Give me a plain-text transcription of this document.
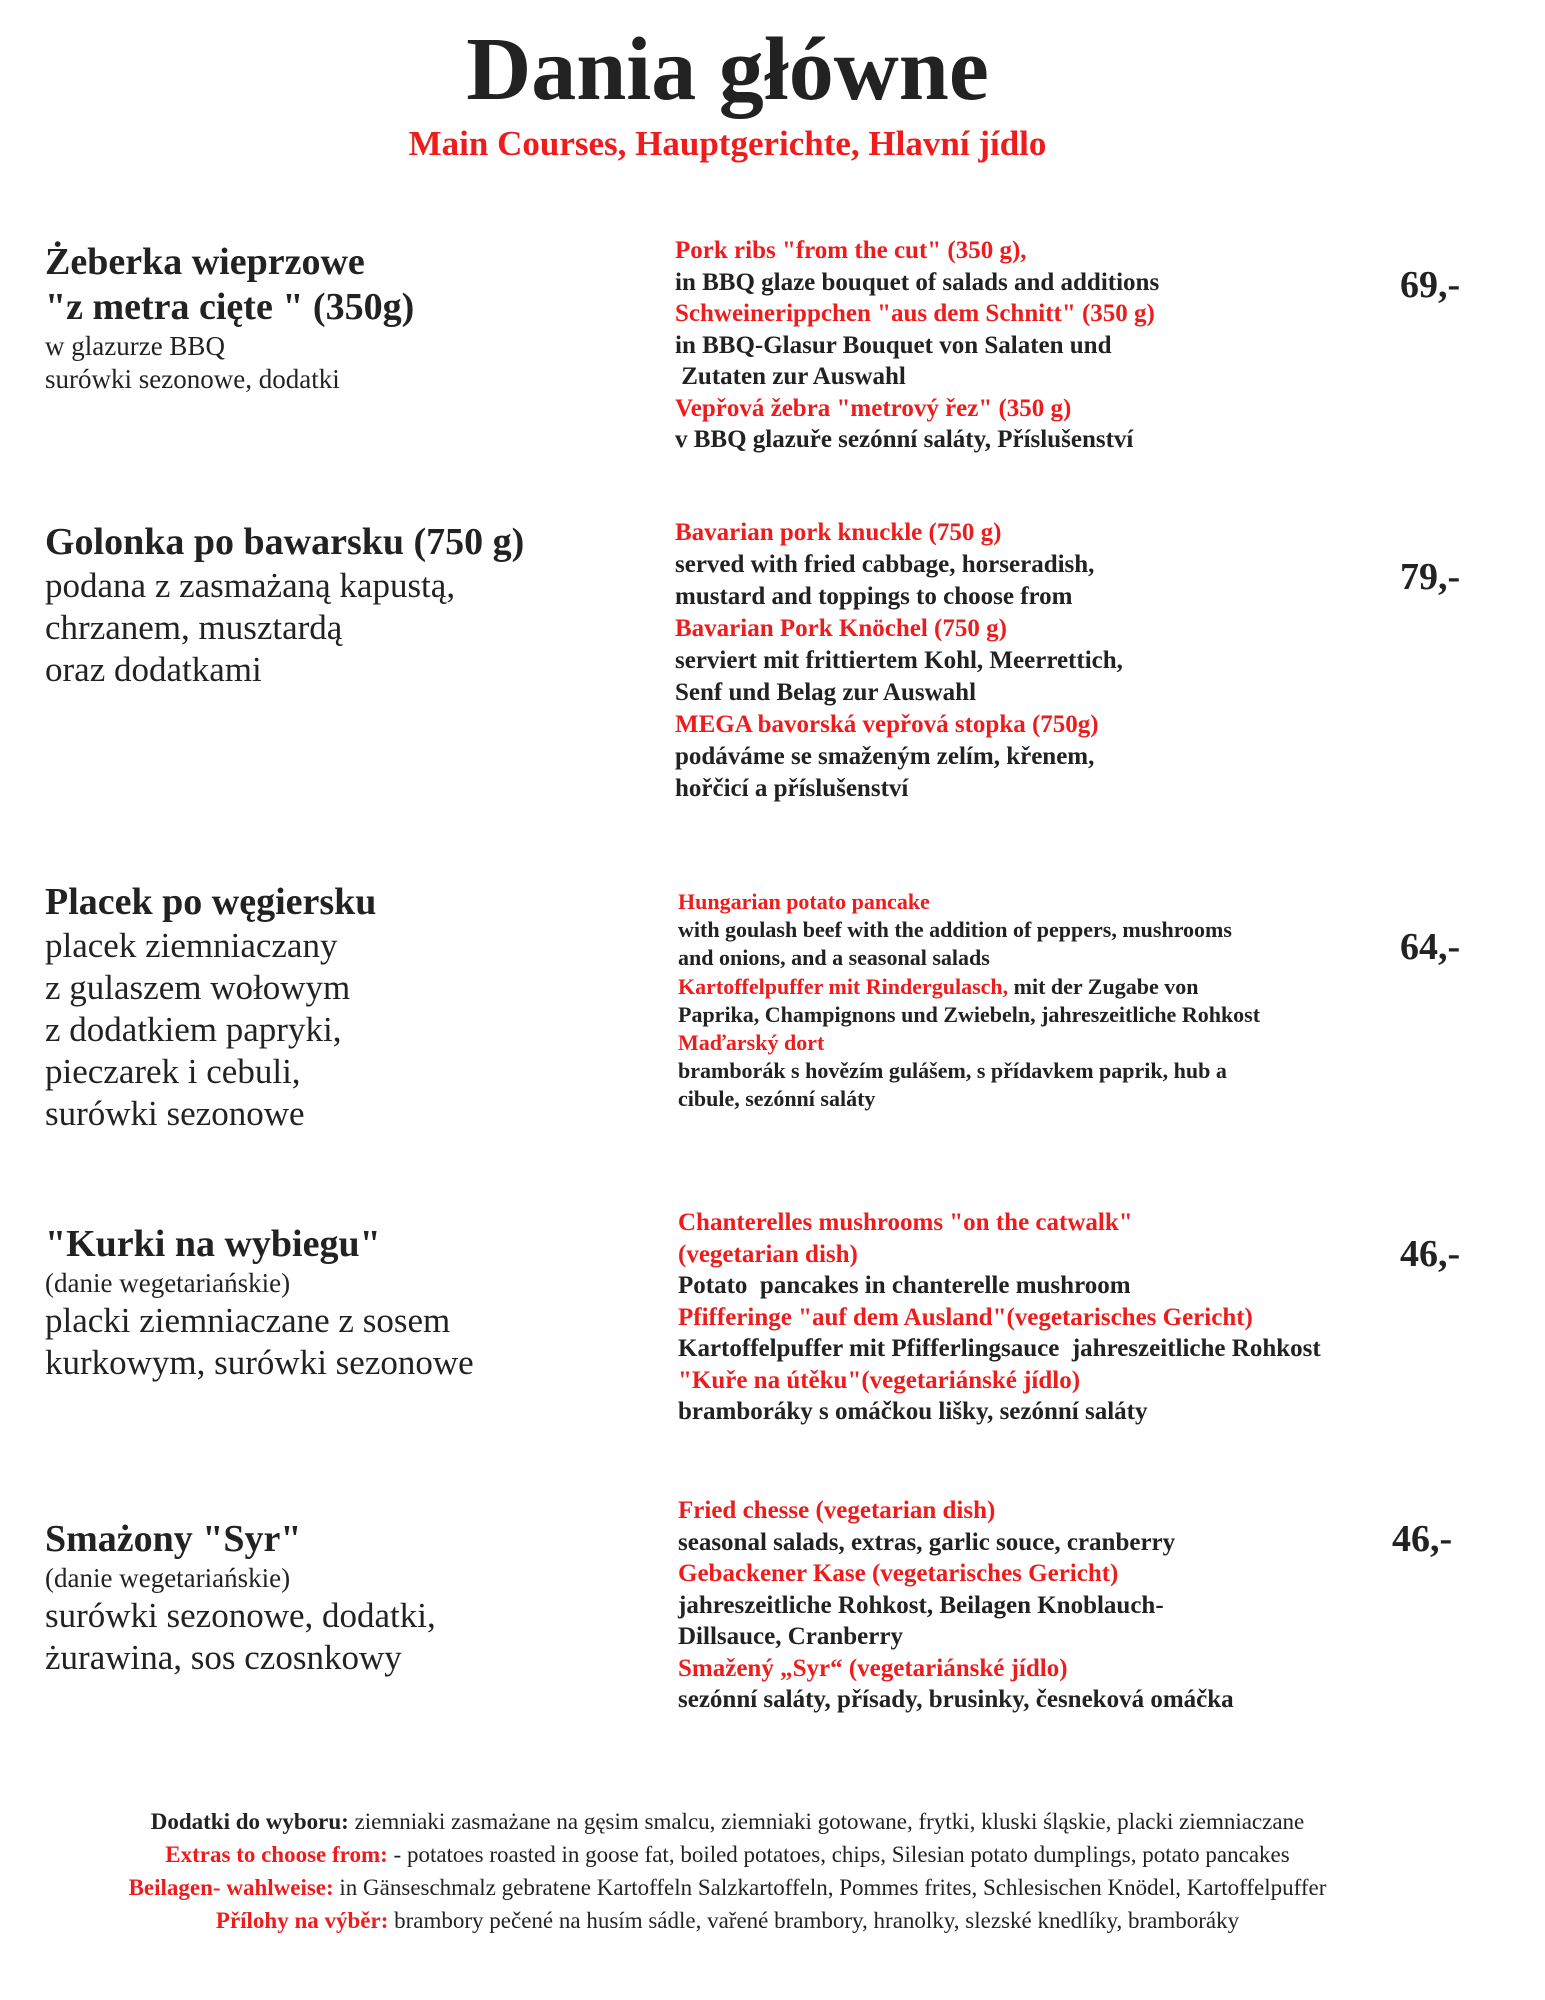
Dania główne
Main Courses, Hauptgerichte, Hlavní jídlo
Żeberka wieprzowe
"z metra cięte " (350g)
w glazurze BBQ
surówki sezonowe, dodatki
Pork ribs "from the cut" (350 g),
in BBQ glaze bouquet of salads and additions
Schweinerippchen "aus dem Schnitt" (350 g)
in BBQ-Glasur Bouquet von Salaten und
Zutaten zur Auswahl
Vepřová žebra "metrový řez" (350 g)
v BBQ glazuře sezónní saláty, Příslušenství
69,-
Golonka po bawarsku (750 g)
podana z zasmażaną kapustą,
chrzanem, musztardą
oraz dodatkami
Bavarian pork knuckle (750 g)
served with fried cabbage, horseradish,
mustard and toppings to choose from
Bavarian Pork Knöchel (750 g)
serviert mit frittiertem Kohl, Meerrettich,
Senf und Belag zur Auswahl
MEGA bavorská vepřová stopka (750g)
podáváme se smaženým zelím, křenem,
hořčicí a příslušenství
79,-
Placek po węgiersku
placek ziemniaczany
z gulaszem wołowym
z dodatkiem papryki,
pieczarek i cebuli,
surówki sezonowe
Hungarian potato pancake
with goulash beef with the addition of peppers, mushrooms
and onions, and a seasonal salads
Kartoffelpuffer mit Rindergulasch, mit der Zugabe von
Paprika, Champignons und Zwiebeln, jahreszeitliche Rohkost
Maďarský dort
bramborák s hovězím gulášem, s přídavkem paprik, hub a
cibule, sezónní saláty
64,-
"Kurki na wybiegu"
(danie wegetariańskie)
placki ziemniaczane z sosem
kurkowym, surówki sezonowe
Chanterelles mushrooms "on the catwalk"
(vegetarian dish)
Potato  pancakes in chanterelle mushroom
Pfifferinge "auf dem Ausland"(vegetarisches Gericht)
Kartoffelpuffer mit Pfifferlingsauce  jahreszeitliche Rohkost
"Kuře na útěku"(vegetariánské jídlo)
bramboráky s omáčkou lišky, sezónní saláty
46,-
Smażony "Syr"
(danie wegetariańskie)
surówki sezonowe, dodatki,
żurawina, sos czosnkowy
Fried chesse (vegetarian dish)
seasonal salads, extras, garlic souce, cranberry
Gebackener Kase (vegetarisches Gericht)
jahreszeitliche Rohkost, Beilagen Knoblauch-
Dillsauce, Cranberry
Smažený „Syr“ (vegetariánské jídlo)
sezónní saláty, přísady, brusinky, česneková omáčka
46,-
Dodatki do wyboru: ziemniaki zasmażane na gęsim smalcu, ziemniaki gotowane, frytki, kluski śląskie, placki ziemniaczane
Extras to choose from: - potatoes roasted in goose fat, boiled potatoes, chips, Silesian potato dumplings, potato pancakes
Beilagen- wahlweise: in Gänseschmalz gebratene Kartoffeln Salzkartoffeln, Pommes frites, Schlesischen Knödel, Kartoffelpuffer
Přílohy na výběr: brambory pečené na husím sádle, vařené brambory, hranolky, slezské knedlíky, bramboráky
